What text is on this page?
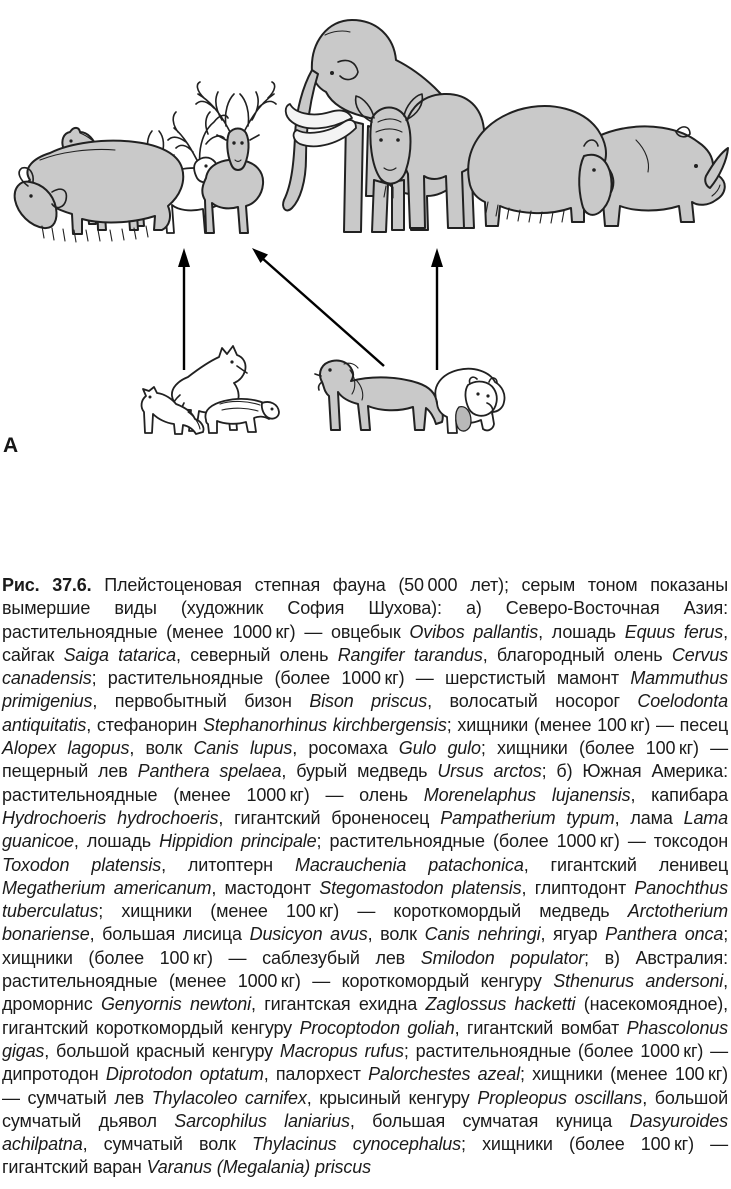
А

Рис. 37.6. Плейстоценовая степная фауна (50 000 лет); серым тоном показаны вымершие виды (художник София Шухова): а) Северо-Восточная Азия: растительноядные (менее 1000 кг) — овцебык Ovibos pallantis, лошадь Equus ferus, сайгак Saiga tatarica, северный олень Rangifer tarandus, благородный олень Cervus canadensis; растительноядные (более 1000 кг) — шерстистый мамонт Mammuthus primigenius, первобытный бизон Bison priscus, волосатый носорог Coelodonta antiquitatis, стефанорин Stephanorhinus kirchbergensis; хищники (менее 100 кг) — песец Alopex lagopus, волк Canis lupus, росомаха Gulo gulo; хищники (более 100 кг) — пещерный лев Panthera spelaea, бурый медведь Ursus arctos; б) Южная Америка: растительноядные (менее 1000 кг) — олень Morenelaphus lujanensis, капибара Hydrochoeris hydrochoeris, гигантский броненосец Pampatherium typum, лама Lama guanicoe, лошадь Hippidion principale; растительноядные (более 1000 кг) — токсодон Toxodon platensis, литоптерн Macrauchenia patachonica, гигантский ленивец Megatherium americanum, мастодонт Stegomastodon platensis, глиптодонт Panochthus tuberculatus; хищники (менее 100 кг) — короткомордый медведь Arctotherium bonariense, большая лисица Dusicyon avus, волк Canis nehringi, ягуар Panthera onca; хищники (более 100 кг) — саблезубый лев Smilodon populator; в) Австралия: растительноядные (менее 1000 кг) — короткомордый кенгуру Sthenurus andersoni, дроморнис Genyornis newtoni, гигантская ехидна Zaglossus hacketti (насекомоядное), гигантский короткомордый кенгуру Procoptodon goliah, гигантский вомбат Phascolonus gigas, большой красный кенгуру Macropus rufus; растительноядные (более 1000 кг) — дипротодон Diprotodon optatum, палорхест Palorchestes azeal; хищники (менее 100 кг) — сумчатый лев Thylacoleo carnifex, крысиный кенгуру Propleopus oscillans, большой сумчатый дьявол Sarcophilus laniarius, большая сумчатая куница Dasyuroides achilpatna, сумчатый волк Thylacinus cynocephalus; хищники (более 100 кг) — гигантский варан Varanus (Megalania) priscus
